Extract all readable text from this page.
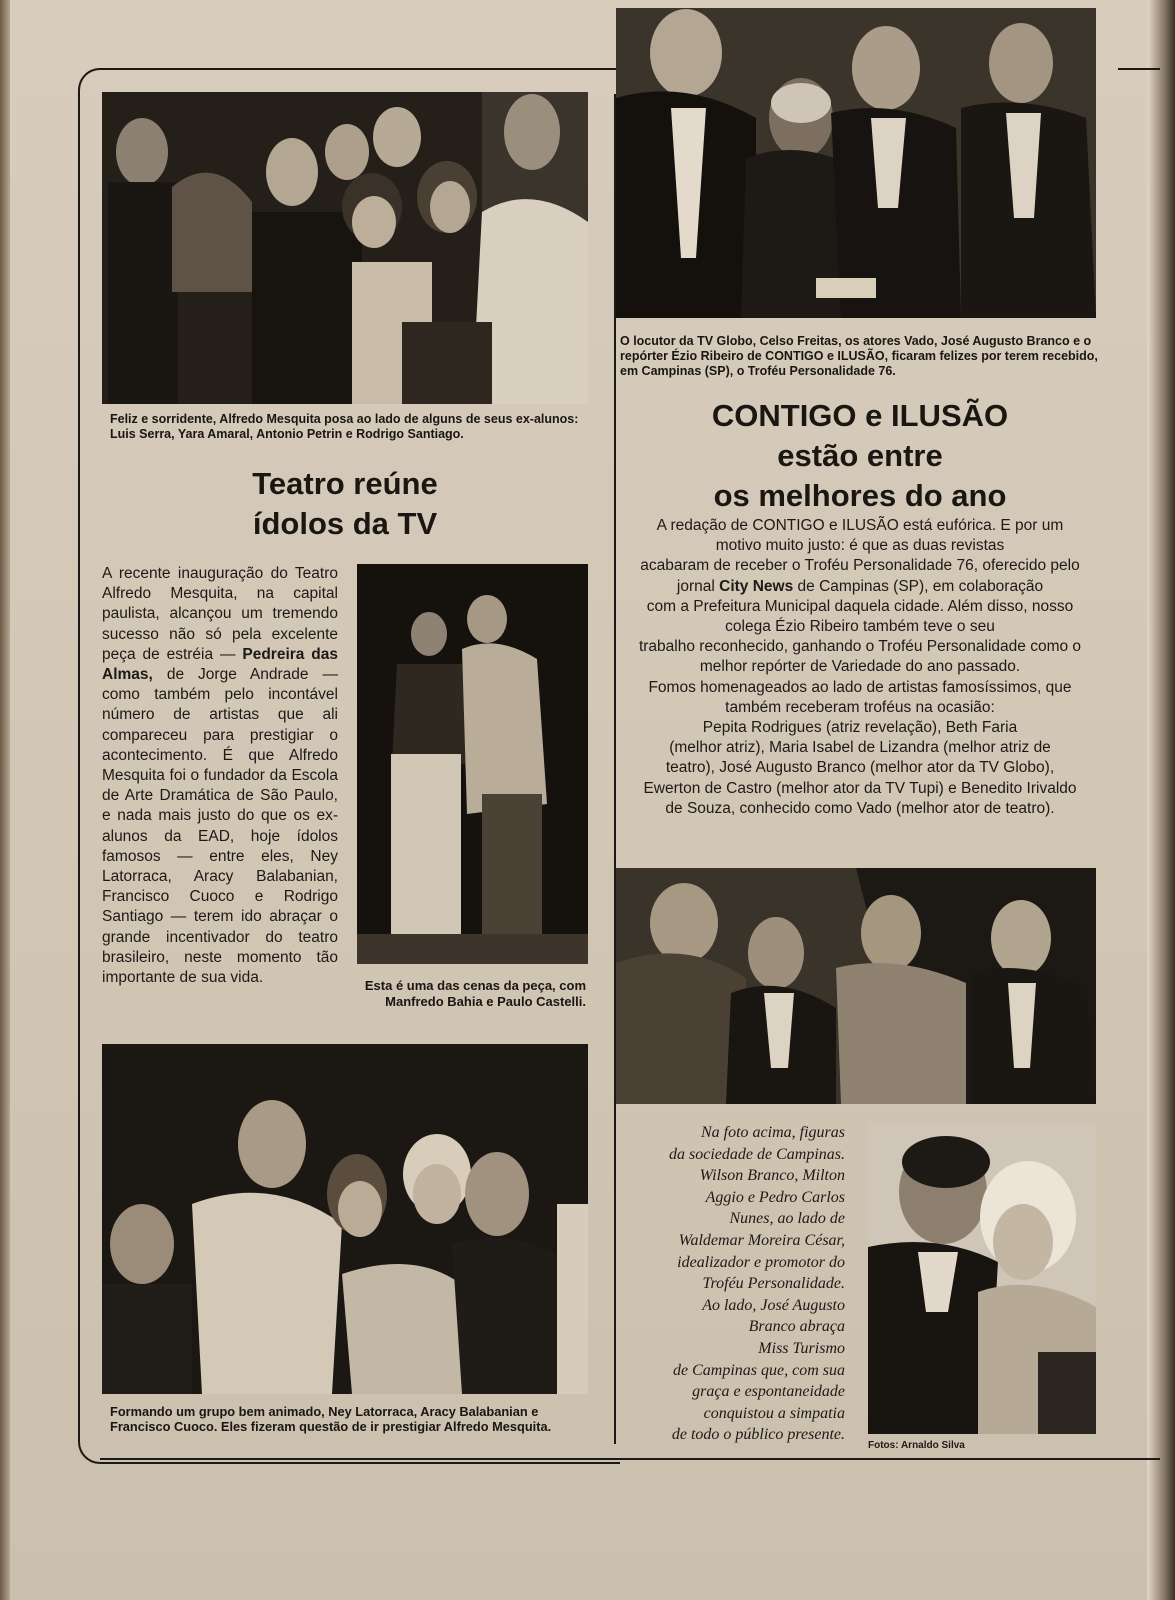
Feliz e sorridente, Alfredo Mesquita posa ao lado de alguns de seus ex-alunos: Luis Serra, Yara Amaral, Antonio Petrin e Rodrigo Santiago.
Teatro reúne
ídolos da TV
A recente inauguração do Teatro Alfredo Mesquita, na capital paulista, alcançou um tremendo sucesso não só pela excelente peça de estréia — Pedreira das Almas, de Jorge Andrade — como também pelo incontável número de artistas que ali compareceu para prestigiar o acontecimento. É que Alfredo Mesquita foi o fundador da Escola de Arte Dramática de São Paulo, e nada mais justo do que os ex-alunos da EAD, hoje ídolos famosos — entre eles, Ney Latorraca, Aracy Balabanian, Francisco Cuoco e Rodrigo Santiago — terem ido abraçar o grande incentivador do teatro brasileiro, neste momento tão importante de sua vida.	Esta é uma das cenas da peça, com Manfredo Bahia e Paulo Castelli.
Formando um grupo bem animado, Ney Latorraca, Aracy Balabanian e Francisco Cuoco. Eles fizeram questão de ir prestigiar Alfredo Mesquita.
O locutor da TV Globo, Celso Freitas, os atores Vado, José Augusto Branco e o repórter Ézio Ribeiro de CONTIGO e ILUSÃO, ficaram felizes por terem recebido, em Campinas (SP), o Troféu Personalidade 76.
CONTIGO e ILUSÃO
estão entre
os melhores do ano
A redação de CONTIGO e ILUSÃO está eufórica. E por um
motivo muito justo: é que as duas revistas
acabaram de receber o Troféu Personalidade 76, oferecido pelo
jornal City News de Campinas (SP), em colaboração
com a Prefeitura Municipal daquela cidade. Além disso, nosso
colega Ézio Ribeiro também teve o seu
trabalho reconhecido, ganhando o Troféu Personalidade como o
melhor repórter de Variedade do ano passado.
Fomos homenageados ao lado de artistas famosíssimos, que
também receberam troféus na ocasião:
Pepita Rodrigues (atriz revelação), Beth Faria
(melhor atriz), Maria Isabel de Lizandra (melhor atriz de
teatro), José Augusto Branco (melhor ator da TV Globo),
Ewerton de Castro (melhor ator da TV Tupi) e Benedito Irivaldo
de Souza, conhecido como Vado (melhor ator de teatro).
Na foto acima, figuras
da sociedade de Campinas.
Wilson Branco, Milton
Aggio e Pedro Carlos
Nunes, ao lado de
Waldemar Moreira César,
idealizador e promotor do
Troféu Personalidade.
Ao lado, José Augusto
Branco abraça
Miss Turismo
de Campinas que, com sua
graça e espontaneidade
conquistou a simpatia
de todo o público presente.
Fotos: Arnaldo Silva
